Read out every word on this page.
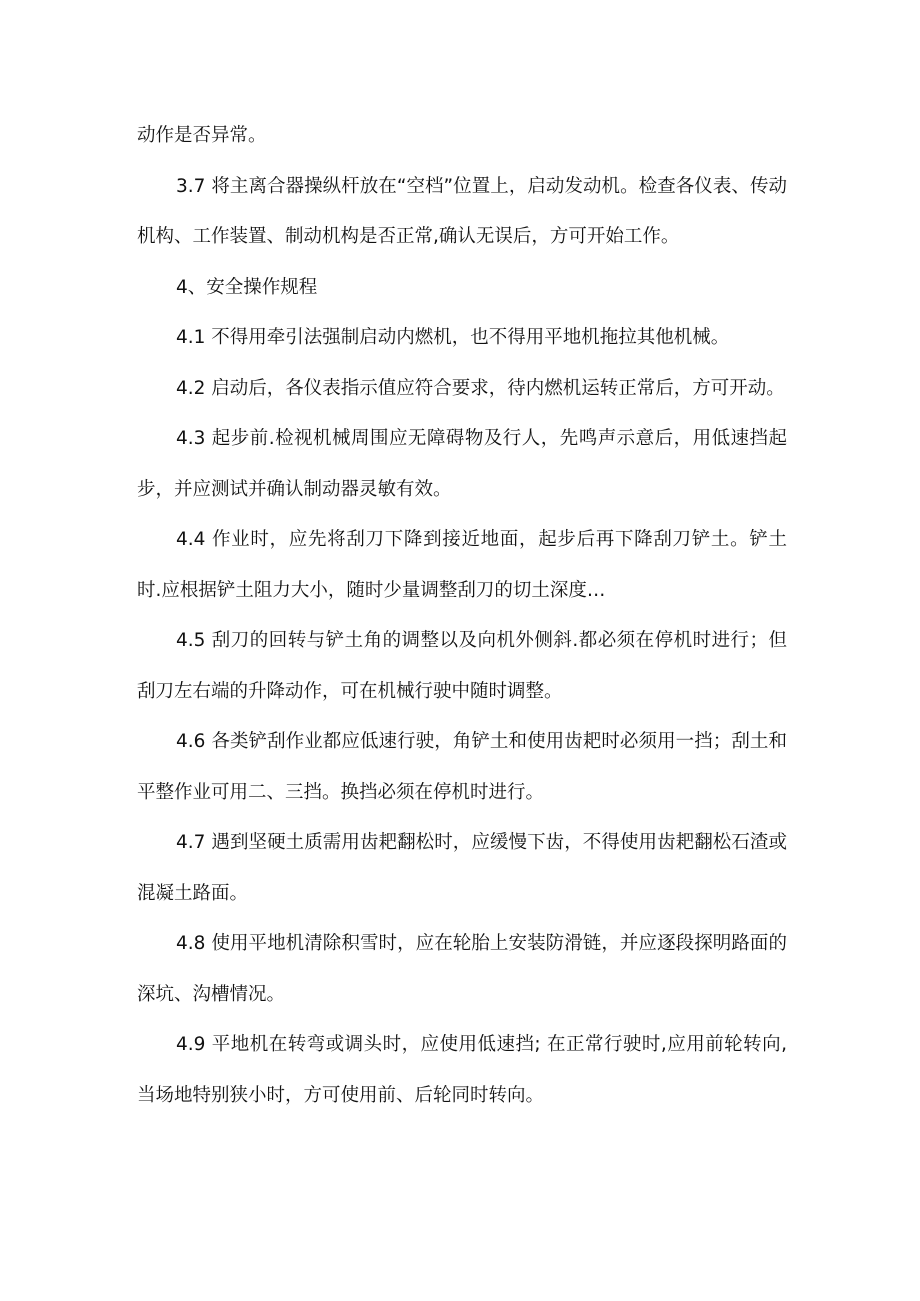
动作是否异常。

3.7 将主离合器操纵杆放在“空档”位置上，启动发动机。检查各仪表、传动机构、工作装置、制动机构是否正常,确认无误后，方可开始工作。

4、安全操作规程

4.1 不得用牵引法强制启动内燃机，也不得用平地机拖拉其他机械。

4.2 启动后，各仪表指示值应符合要求，待内燃机运转正常后，方可开动。

4.3 起步前.检视机械周围应无障碍物及行人，先鸣声示意后，用低速挡起步，并应测试并确认制动器灵敏有效。

4.4 作业时，应先将刮刀下降到接近地面，起步后再下降刮刀铲土。铲土时.应根据铲土阻力大小，随时少量调整刮刀的切土深度…

4.5 刮刀的回转与铲土角的调整以及向机外侧斜.都必须在停机时进行；但刮刀左右端的升降动作，可在机械行驶中随时调整。

4.6 各类铲刮作业都应低速行驶，角铲土和使用齿耙时必须用一挡；刮土和平整作业可用二、三挡。换挡必须在停机时进行。

4.7 遇到坚硬土质需用齿耙翻松时，应缓慢下齿，不得使用齿耙翻松石渣或混凝土路面。

4.8 使用平地机清除积雪时，应在轮胎上安装防滑链，并应逐段探明路面的深坑、沟槽情况。

4.9 平地机在转弯或调头时，应使用低速挡; 在正常行驶时,应用前轮转向,当场地特别狭小时，方可使用前、后轮同时转向。
